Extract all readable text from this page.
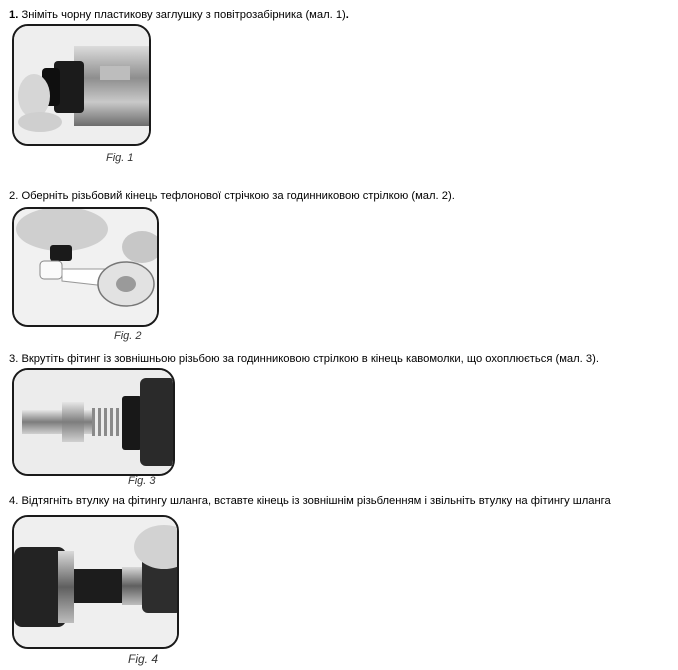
1. Зніміть чорну пластикову заглушку з повітрозабірника (мал. 1).
Fig. 1
2. Оберніть різьбовий кінець тефлонової стрічкою за годинниковою стрілкою (мал. 2).
Fig. 2
3. Вкрутіть фітинг із зовнішньою різьбою за годинниковою стрілкою в кінець кавомолки, що охоплюється (мал. 3).
Fig. 3
4. Відтягніть втулку на фітингу шланга, вставте кінець із зовнішнім різьбленням і звільніть втулку на фітингу шланга
Fig. 4
